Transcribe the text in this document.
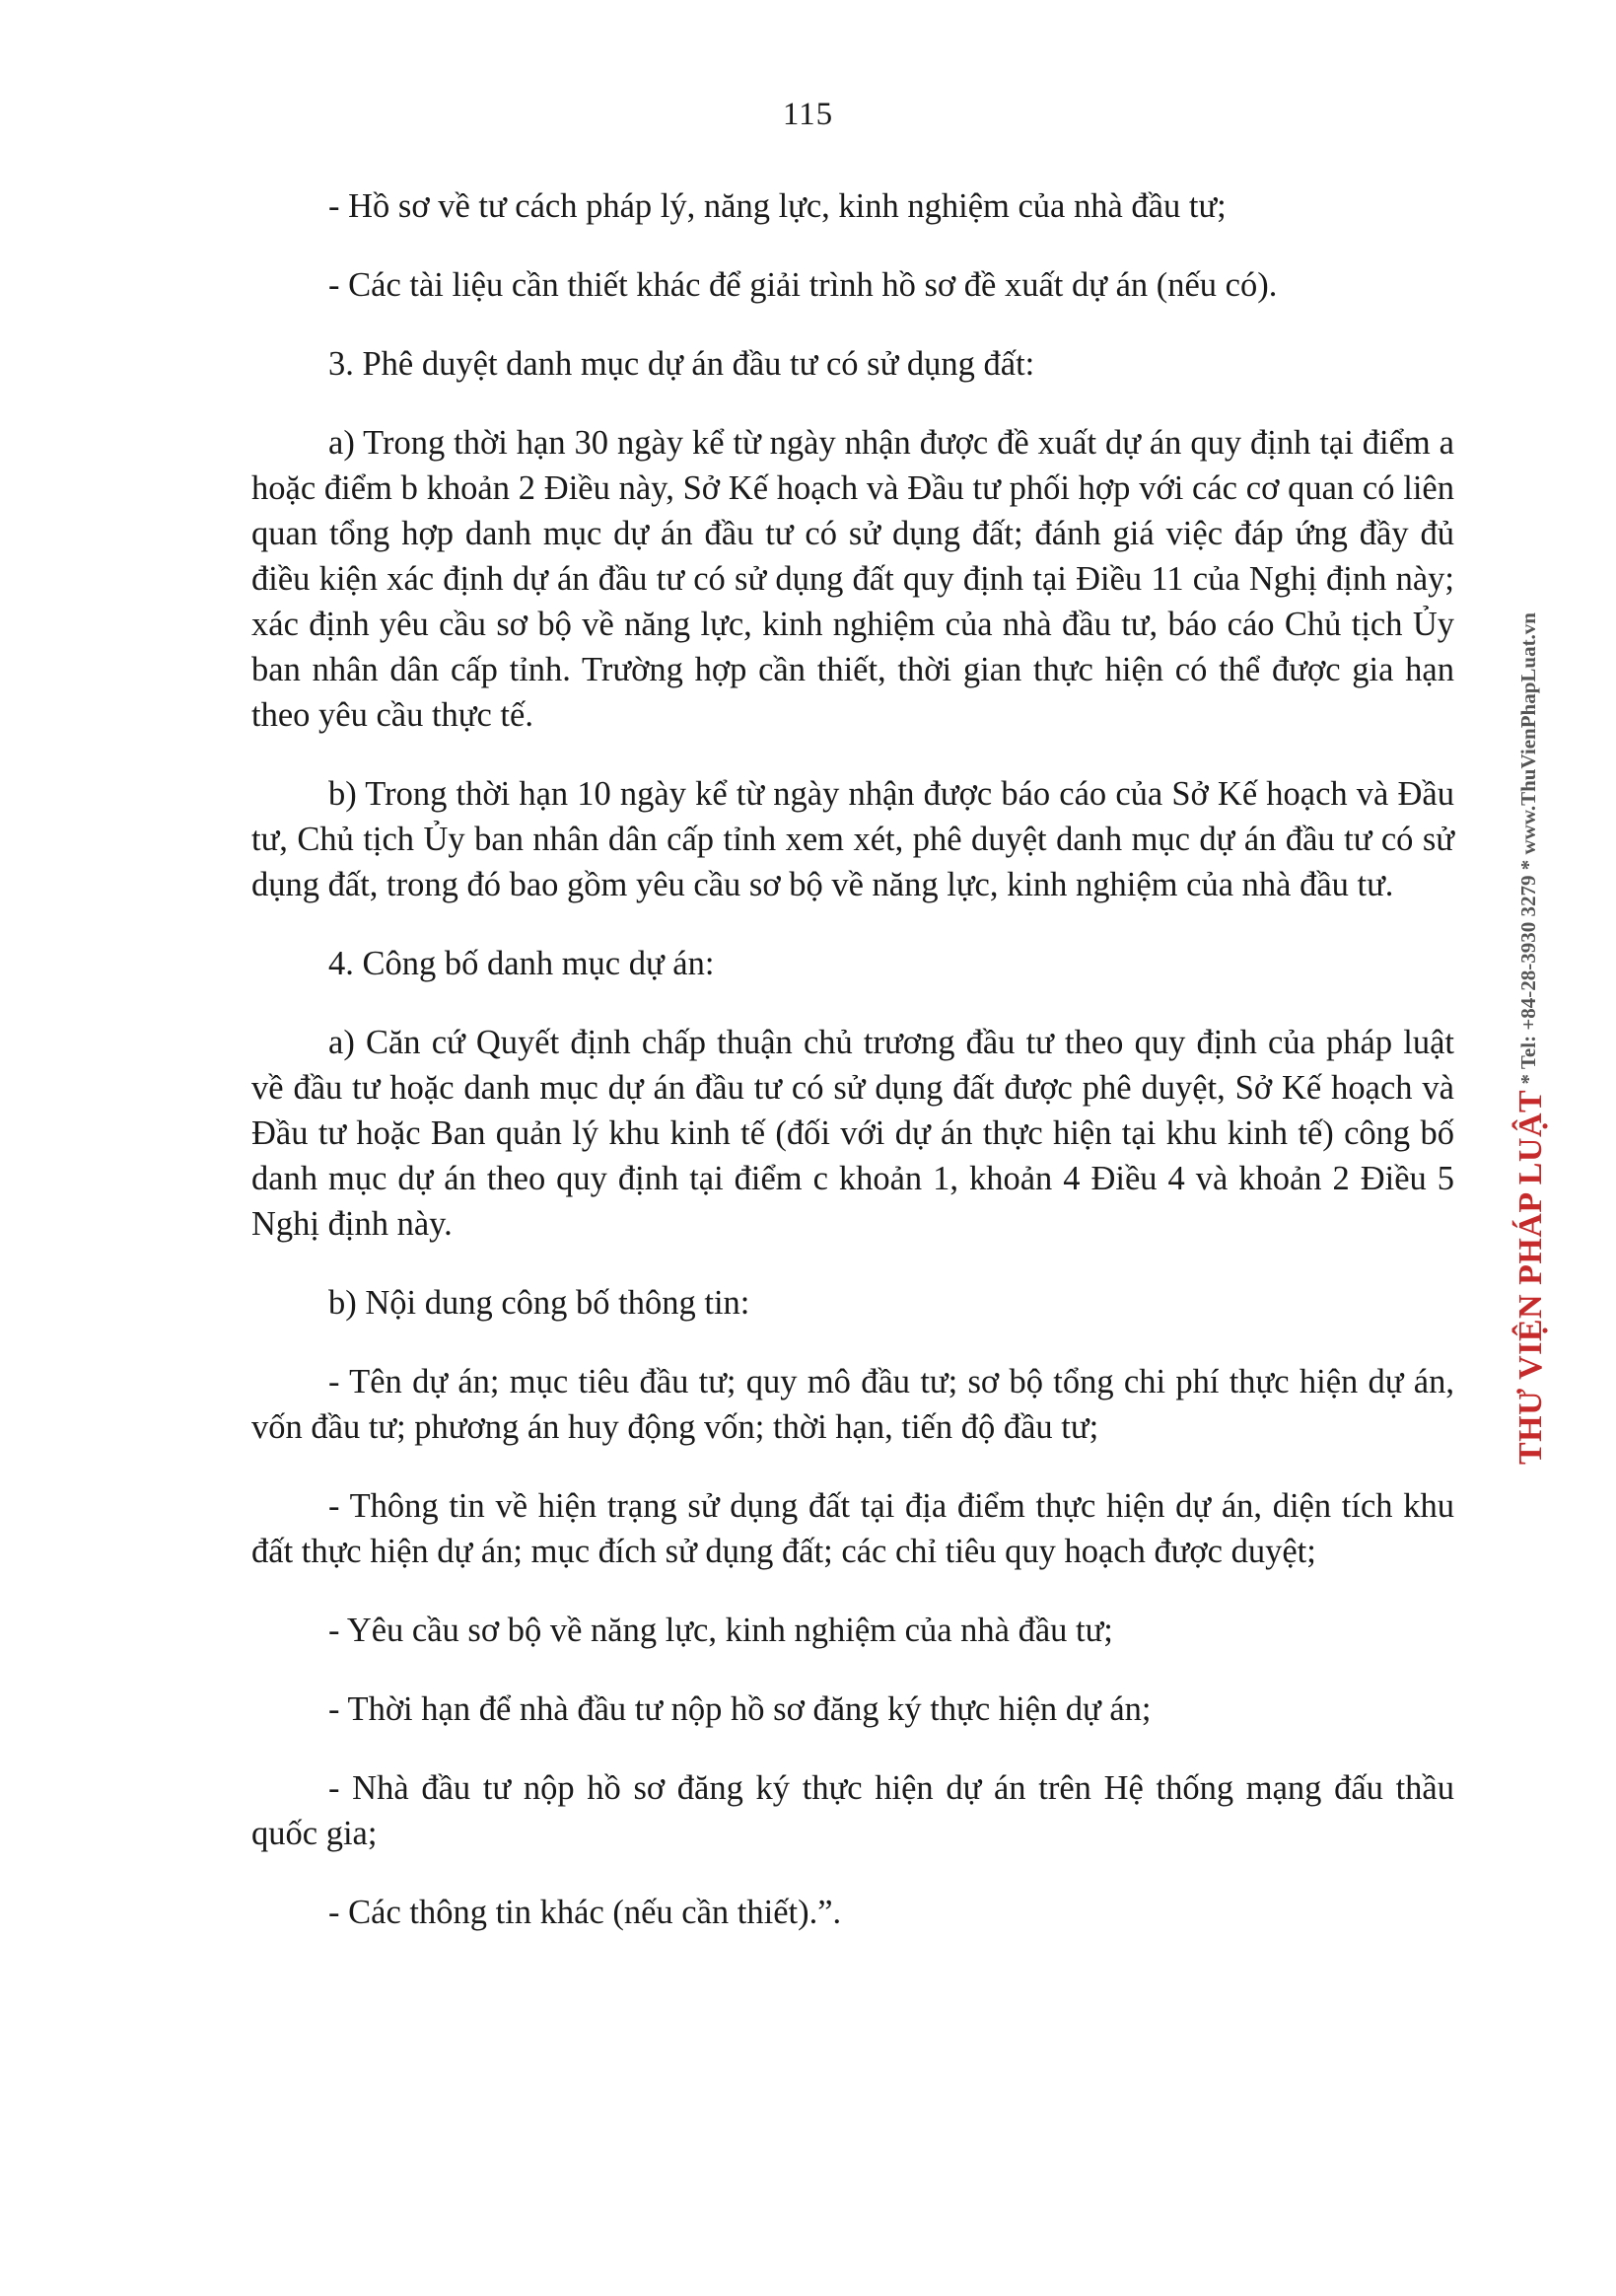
115

- Hồ sơ về tư cách pháp lý, năng lực, kinh nghiệm của nhà đầu tư;

- Các tài liệu cần thiết khác để giải trình hồ sơ đề xuất dự án (nếu có).

3. Phê duyệt danh mục dự án đầu tư có sử dụng đất:

a) Trong thời hạn 30 ngày kể từ ngày nhận được đề xuất dự án quy định tại điểm a hoặc điểm b khoản 2 Điều này, Sở Kế hoạch và Đầu tư phối hợp với các cơ quan có liên quan tổng hợp danh mục dự án đầu tư có sử dụng đất; đánh giá việc đáp ứng đầy đủ điều kiện xác định dự án đầu tư có sử dụng đất quy định tại Điều 11 của Nghị định này; xác định yêu cầu sơ bộ về năng lực, kinh nghiệm của nhà đầu tư, báo cáo Chủ tịch Ủy ban nhân dân cấp tỉnh. Trường hợp cần thiết, thời gian thực hiện có thể được gia hạn theo yêu cầu thực tế.

b) Trong thời hạn 10 ngày kể từ ngày nhận được báo cáo của Sở Kế hoạch và Đầu tư, Chủ tịch Ủy ban nhân dân cấp tỉnh xem xét, phê duyệt danh mục dự án đầu tư có sử dụng đất, trong đó bao gồm yêu cầu sơ bộ về năng lực, kinh nghiệm của nhà đầu tư.

4. Công bố danh mục dự án:

a) Căn cứ Quyết định chấp thuận chủ trương đầu tư theo quy định của pháp luật về đầu tư hoặc danh mục dự án đầu tư có sử dụng đất được phê duyệt, Sở Kế hoạch và Đầu tư hoặc Ban quản lý khu kinh tế (đối với dự án thực hiện tại khu kinh tế) công bố danh mục dự án theo quy định tại điểm c khoản 1, khoản 4 Điều 4 và khoản 2 Điều 5 Nghị định này.

b) Nội dung công bố thông tin:

- Tên dự án; mục tiêu đầu tư; quy mô đầu tư; sơ bộ tổng chi phí thực hiện dự án, vốn đầu tư; phương án huy động vốn; thời hạn, tiến độ đầu tư;

- Thông tin về hiện trạng sử dụng đất tại địa điểm thực hiện dự án, diện tích khu đất thực hiện dự án; mục đích sử dụng đất; các chỉ tiêu quy hoạch được duyệt;

- Yêu cầu sơ bộ về năng lực, kinh nghiệm của nhà đầu tư;

- Thời hạn để nhà đầu tư nộp hồ sơ đăng ký thực hiện dự án;

- Nhà đầu tư nộp hồ sơ đăng ký thực hiện dự án trên Hệ thống mạng đấu thầu quốc gia;

- Các thông tin khác (nếu cần thiết).”.

THƯ VIỆN PHÁP LUẬT * Tel: +84-28-3930 3279 * www.ThuVienPhapLuat.vn
